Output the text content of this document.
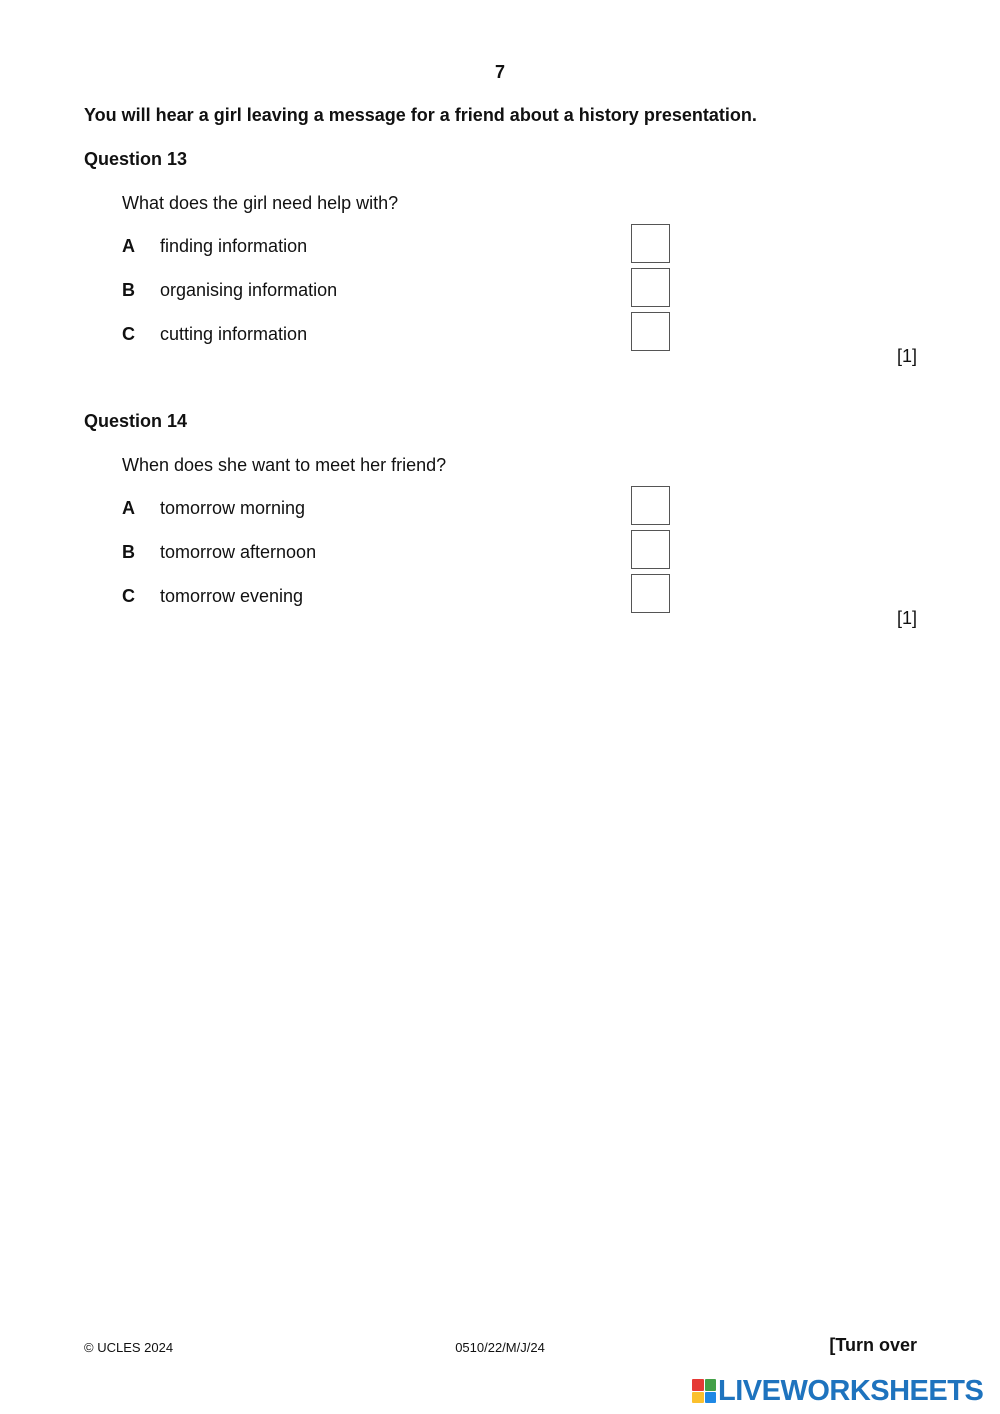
7
You will hear a girl leaving a message for a friend about a history presentation.
Question 13
What does the girl need help with?
A finding information
B organising information
C cutting information
[1]
Question 14
When does she want to meet her friend?
A tomorrow morning
B tomorrow afternoon
C tomorrow evening
[1]
© UCLES 2024	0510/22/M/J/24	[Turn over
LIVEWORKSHEETS
